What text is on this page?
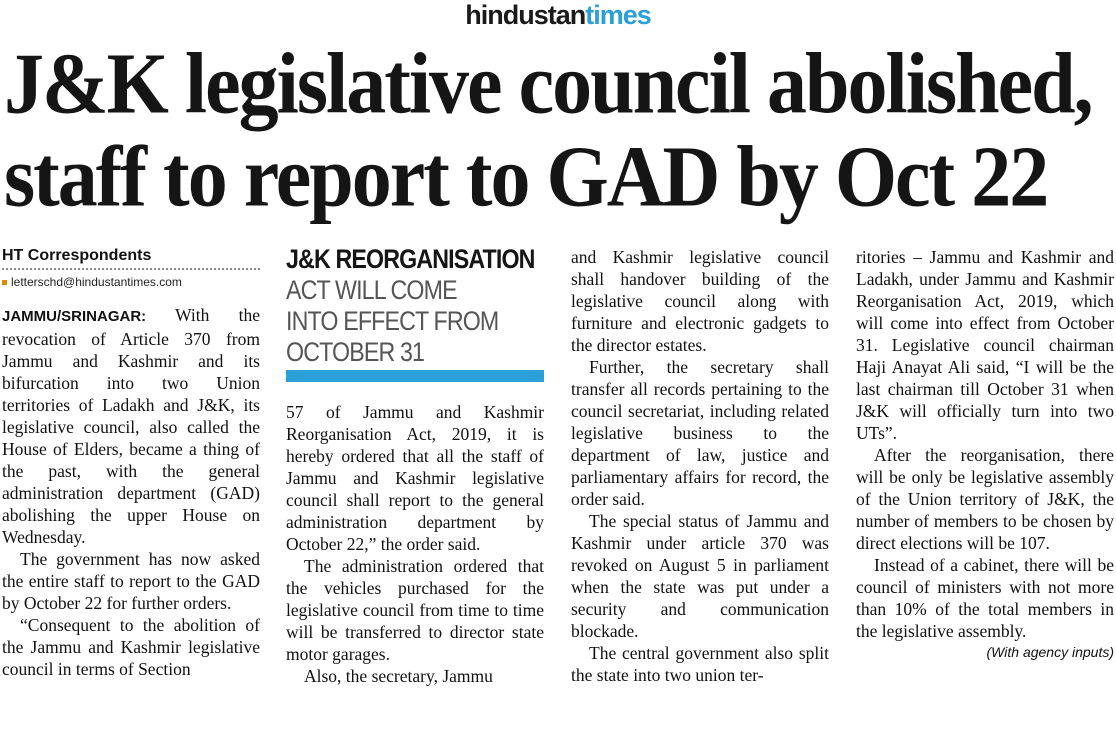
hindustantimes
J&K legislative council abolished,
staff to report to GAD by Oct 22
HT Correspondents
letterschd@hindustantimes.com

JAMMU/SRINAGAR: With the revocation of Article 370 from Jammu and Kashmir and its bifurcation into two Union territories of Ladakh and J&K, its legislative council, also called the House of Elders, became a thing of the past, with the general administration department (GAD) abolishing the upper House on Wednesday.

The government has now asked the entire staff to report to the GAD by October 22 for further orders.

“Consequent to the abolition of the Jammu and Kashmir legislative council in terms of Section

J&K REORGANISATION
ACT WILL COME
INTO EFFECT FROM
OCTOBER 31

57 of Jammu and Kashmir Reorganisation Act, 2019, it is hereby ordered that all the staff of Jammu and Kashmir legislative council shall report to the general administration department by October 22,” the order said.

The administration ordered that the vehicles purchased for the legislative council from time to time will be transferred to director state motor garages.

Also, the secretary, Jammu

and Kashmir legislative council shall handover building of the legislative council along with furniture and electronic gadgets to the director estates.

Further, the secretary shall transfer all records pertaining to the council secretariat, including related legislative business to the department of law, justice and parliamentary affairs for record, the order said.

The special status of Jammu and Kashmir under article 370 was revoked on August 5 in parliament when the state was put under a security and communication blockade.

The central government also split the state into two union ter-

ritories – Jammu and Kashmir and Ladakh, under Jammu and Kashmir Reorganisation Act, 2019, which will come into effect from October 31. Legislative council chairman Haji Anayat Ali said, “I will be the last chairman till October 31 when J&K will officially turn into two UTs”.

After the reorganisation, there will be only be legislative assembly of the Union territory of J&K, the number of members to be chosen by direct elections will be 107.

Instead of a cabinet, there will be council of ministers with not more than 10% of the total members in the legislative assembly.

(With agency inputs)
